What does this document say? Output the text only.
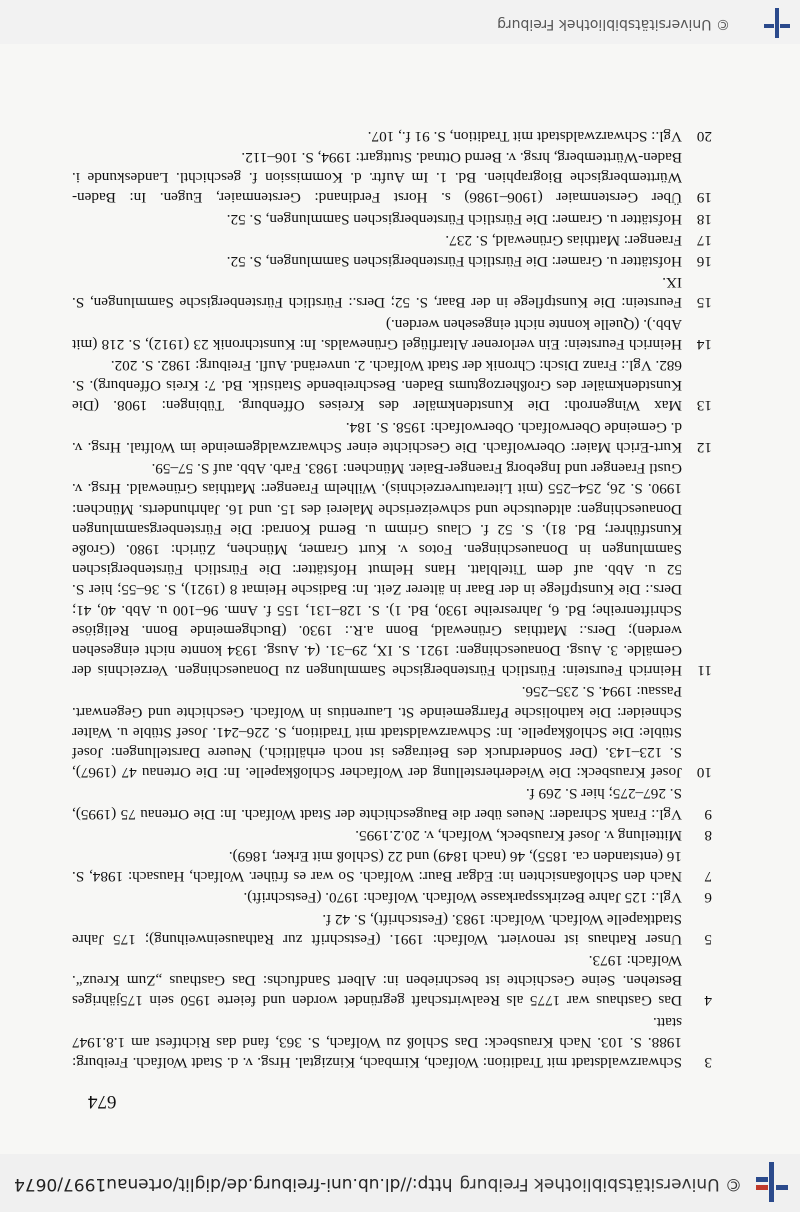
© Universitätsbibliothek Freiburg
http://dl.ub.uni-freiburg.de/diglit/ortenau1997/0674
674
3
Schwarzwaldstadt mit Tradition: Wolfach, Kirnbach, Kinzigtal. Hrsg. v. d. Stadt Wolfach. Freiburg: 1988. S. 103. Nach Krausbeck: Das Schloß zu Wolfach, S. 363, fand das Richtfest am 1.8.1947 statt.
4
Das Gasthaus war 1775 als Realwirtschaft gegründet worden und feierte 1950 sein 175jähriges Bestehen. Seine Geschichte ist beschrieben in: Albert Sandfuchs: Das Gasthaus „Zum Kreuz“. Wolfach: 1973.
5
Unser Rathaus ist renoviert. Wolfach: 1991. (Festschrift zur Rathauseinweihung); 175 Jahre Stadtkapelle Wolfach. Wolfach: 1983. (Festschrift), S. 42 f.
6
Vgl.: 125 Jahre Bezirkssparkasse Wolfach. Wolfach: 1970. (Festschrift).
7
Nach den Schloßansichten in: Edgar Baur: Wolfach. So war es früher. Wolfach, Hausach: 1984, S. 16 (entstanden ca. 1855), 46 (nach 1849) und 22 (Schloß mit Erker, 1869).
8
Mitteilung v. Josef Krausbeck, Wolfach, v. 20.2.1995.
9
Vgl.: Frank Schrader: Neues über die Baugeschichte der Stadt Wolfach. In: Die Ortenau 75 (1995), S. 267–275; hier S. 269 f.
10
Josef Krausbeck: Die Wiederherstellung der Wolfacher Schloßkapelle. In: Die Ortenau 47 (1967), S. 123–143. (Der Sonderdruck des Beitrages ist noch erhältlich.) Neuere Darstellungen: Josef Stüble: Die Schloßkapelle. In: Schwarzwaldstadt mit Tradition, S. 226–241. Josef Stüble u. Walter Schneider: Die katholische Pfarrgemeinde St. Laurentius in Wolfach. Geschichte und Gegenwart. Passau: 1994. S. 235–256.
11
Heinrich Feurstein: Fürstlich Fürstenbergische Sammlungen zu Donaueschingen. Verzeichnis der Gemälde. 3. Ausg. Donaueschingen: 1921. S. IX, 29–31. (4. Ausg. 1934 konnte nicht eingesehen werden); Ders.: Matthias Grünewald, Bonn a.R.: 1930. (Buchgemeinde Bonn. Religiöse Schriftenreihe; Bd. 6, Jahresreihe 1930, Bd. 1). S. 128–131, 155 f. Anm. 96–100 u. Abb. 40, 41; Ders.: Die Kunstpflege in der Baar in älterer Zeit. In: Badische Heimat 8 (1921), S. 36–55; hier S. 52 u. Abb. auf dem Titelblatt. Hans Helmut Hofstätter: Die Fürstlich Fürstenbergischen Sammlungen in Donaueschingen. Fotos v. Kurt Gramer, München, Zürich: 1980. (Große Kunstführer; Bd. 81). S. 52 f. Claus Grimm u. Bernd Konrad: Die Fürstenbergsammlungen Donaueschingen: altdeutsche und schweizerische Malerei des 15. und 16. Jahrhunderts. München: 1990. S. 26, 254–255 (mit Literaturverzeichnis). Wilhelm Fraenger: Matthias Grünewald. Hrsg. v. Gustl Fraenger und Ingeborg Fraenger-Baier. München: 1983. Farb. Abb. auf S. 57–59.
12
Kurt-Erich Maier: Oberwolfach. Die Geschichte einer Schwarzwaldgemeinde im Wolftal. Hrsg. v. d. Gemeinde Oberwolfach. Oberwolfach: 1958. S. 184.
13
Max Wingenroth: Die Kunstdenkmäler des Kreises Offenburg. Tübingen: 1908. (Die Kunstdenkmäler des Großherzogtums Baden. Beschreibende Statistik. Bd. 7: Kreis Offenburg). S. 682. Vgl.: Franz Disch: Chronik der Stadt Wolfach. 2. unveränd. Aufl. Freiburg: 1982. S. 202.
14
Heinrich Feurstein: Ein verlorener Altarflügel Grünewalds. In: Kunstchronik 23 (1912), S. 218 (mit Abb.). (Quelle konnte nicht eingesehen werden.)
15
Feurstein: Die Kunstpflege in der Baar, S. 52; Ders.: Fürstlich Fürstenbergische Sammlungen, S. IX.
16
Hofstätter u. Gramer: Die Fürstlich Fürstenbergischen Sammlungen, S. 52.
17
Fraenger: Matthias Grünewald, S. 237.
18
Hofstätter u. Gramer: Die Fürstlich Fürstenbergischen Sammlungen, S. 52.
19
Über Gerstenmaier (1906–1986) s. Horst Ferdinand: Gerstenmaier, Eugen. In: Baden-Württembergische Biographien. Bd. 1. Im Auftr. d. Kommission f. geschichtl. Landeskunde i. Baden-Württemberg, hrsg. v. Bernd Ottnad. Stuttgart: 1994, S. 106–112.
20
Vgl.: Schwarzwaldstadt mit Tradition, S. 91 f., 107.
© Universitätsbibliothek Freiburg
